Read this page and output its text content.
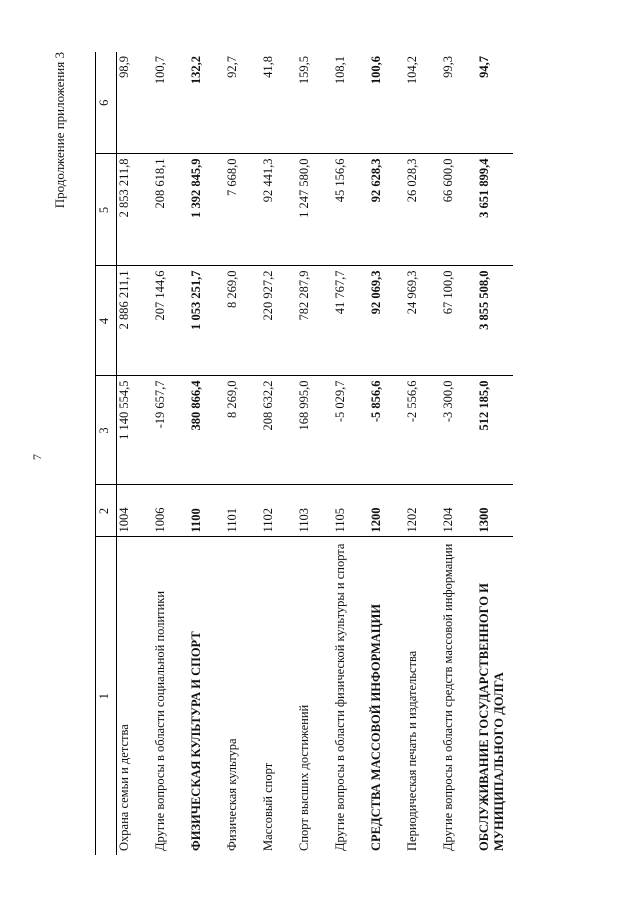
7
Продолжение приложения 3
1	2	3	4	5	6
Охрана семьи и детства	1004	1 140 554,5	2 886 211,1	2 853 211,8	98,9
Другие вопросы в области социальной политики	1006	-19 657,7	207 144,6	208 618,1	100,7
ФИЗИЧЕСКАЯ КУЛЬТУРА И СПОРТ	1100	380 866,4	1 053 251,7	1 392 845,9	132,2
Физическая культура	1101	8 269,0	8 269,0	7 668,0	92,7
Массовый спорт	1102	208 632,2	220 927,2	92 441,3	41,8
Спорт высших достижений	1103	168 995,0	782 287,9	1 247 580,0	159,5
Другие вопросы в области физической культуры и спорта	1105	-5 029,7	41 767,7	45 156,6	108,1
СРЕДСТВА МАССОВОЙ ИНФОРМАЦИИ	1200	-5 856,6	92 069,3	92 628,3	100,6
Периодическая печать и издательства	1202	-2 556,6	24 969,3	26 028,3	104,2
Другие вопросы в области средств массовой информации	1204	-3 300,0	67 100,0	66 600,0	99,3
ОБСЛУЖИВАНИЕ ГОСУДАРСТВЕННОГО И МУНИЦИПАЛЬНОГО ДОЛГА	1300	512 185,0	3 855 508,0	3 651 899,4	94,7
